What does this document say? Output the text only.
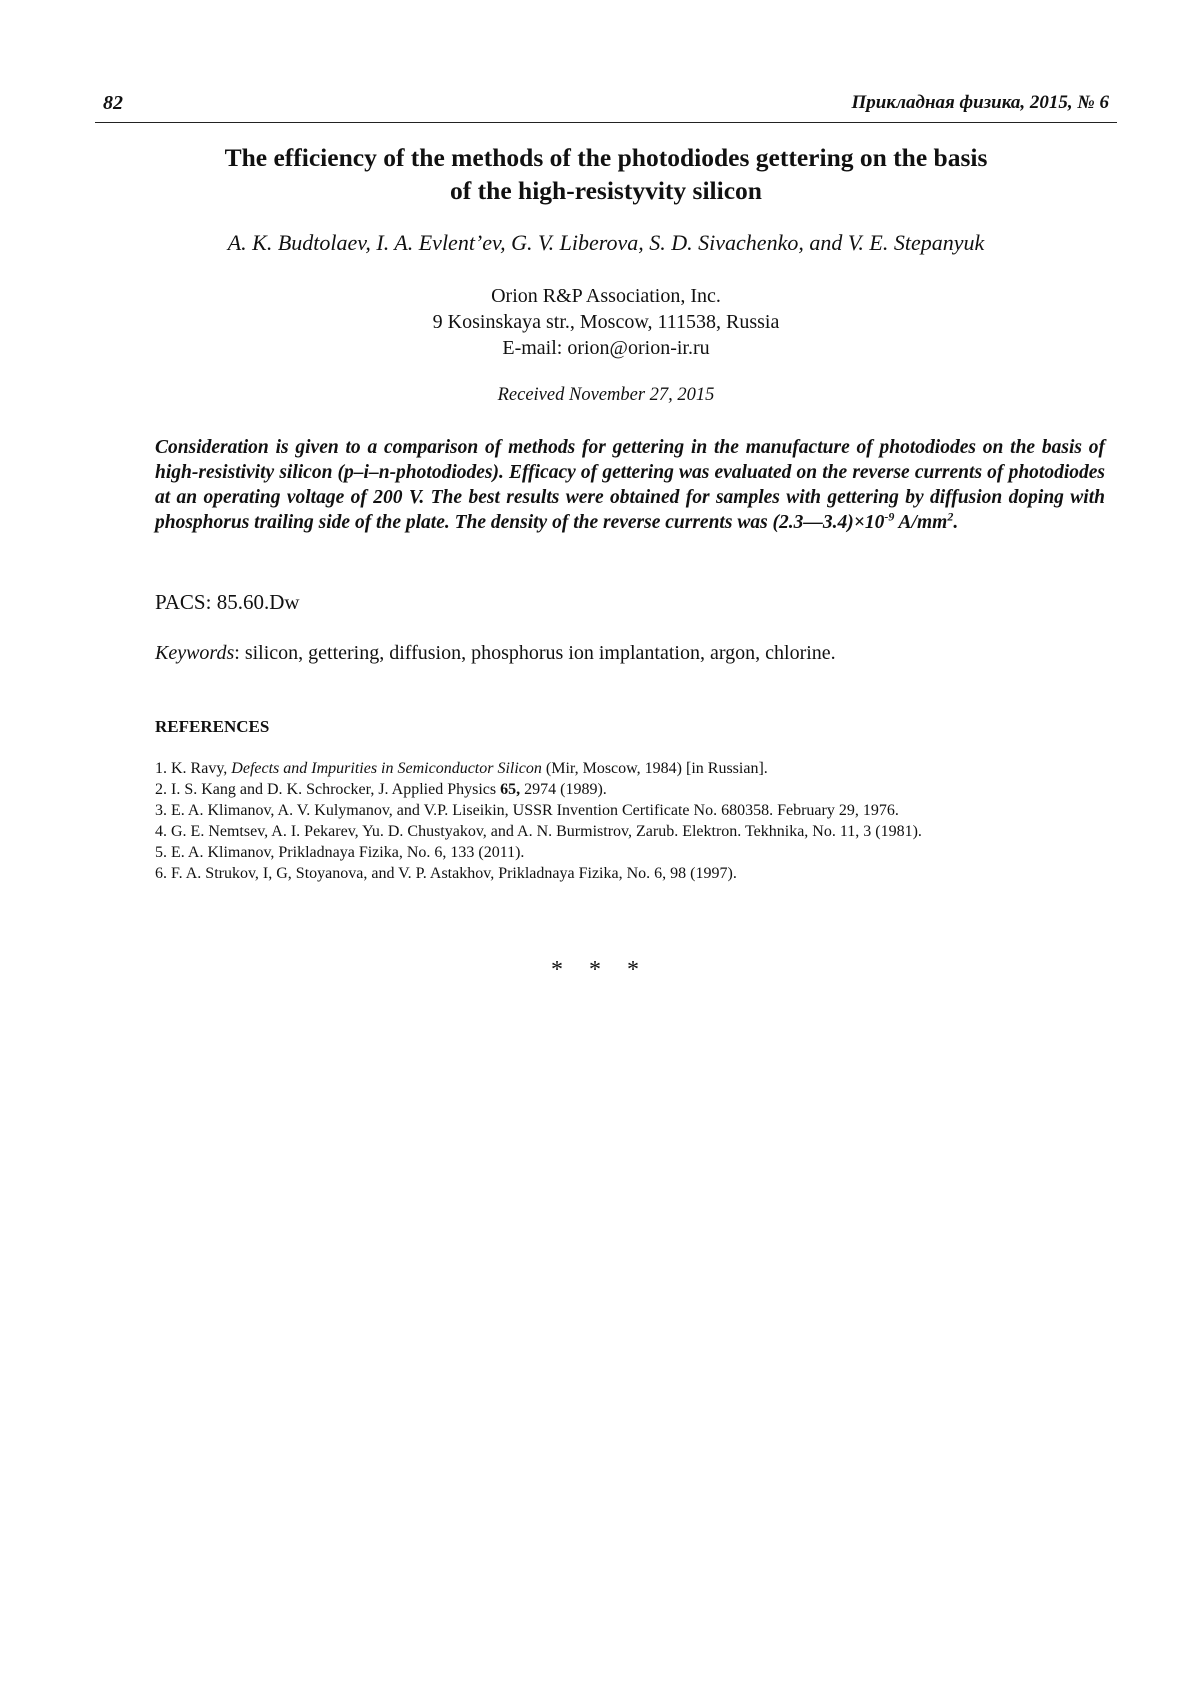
82	Прикладная физика, 2015, № 6
The efficiency of the methods of the photodiodes gettering on the basis
of the high-resistyvity silicon
A. K. Budtolaev, I. A. Evlent’ev, G. V. Liberova, S. D. Sivachenko, and V. E. Stepanyuk
Orion R&P Association, Inc.
9 Kosinskaya str., Moscow, 111538, Russia
E-mail: orion@orion-ir.ru
Received November 27, 2015
Consideration is given to a comparison of methods for gettering in the manufacture of photodiodes on the basis of high-resistivity silicon (p–i–n-photodiodes). Efficacy of gettering was evaluated on the reverse currents of photodiodes at an operating voltage of 200 V. The best results were obtained for samples with gettering by diffusion doping with phosphorus trailing side of the plate. The density of the reverse currents was $(2.3—3.4)\times 10^{-9}$ $A/mm^2$.
PACS: 85.60.Dw
Keywords: silicon, gettering, diffusion, phosphorus ion implantation, argon, chlorine.
REFERENCES
1. K. Ravy, Defects and Impurities in Semiconductor Silicon (Mir, Moscow, 1984) [in Russian].
2. I. S. Kang and D. K. Schrocker, J. Applied Physics 65, 2974 (1989).
3. E. A. Klimanov, A. V. Kulymanov, and V.P. Liseikin, USSR Invention Certificate No. 680358. February 29, 1976.
4. G. E. Nemtsev, A. I. Pekarev, Yu. D. Chustyakov, and A. N. Burmistrov, Zarub. Elektron. Tekhnika, No. 11, 3 (1981).
5. E. A. Klimanov, Prikladnaya Fizika, No. 6, 133 (2011).
6. F. A. Strukov, I, G, Stoyanova, and V. P. Astakhov, Prikladnaya Fizika, No. 6, 98 (1997).
* * *
